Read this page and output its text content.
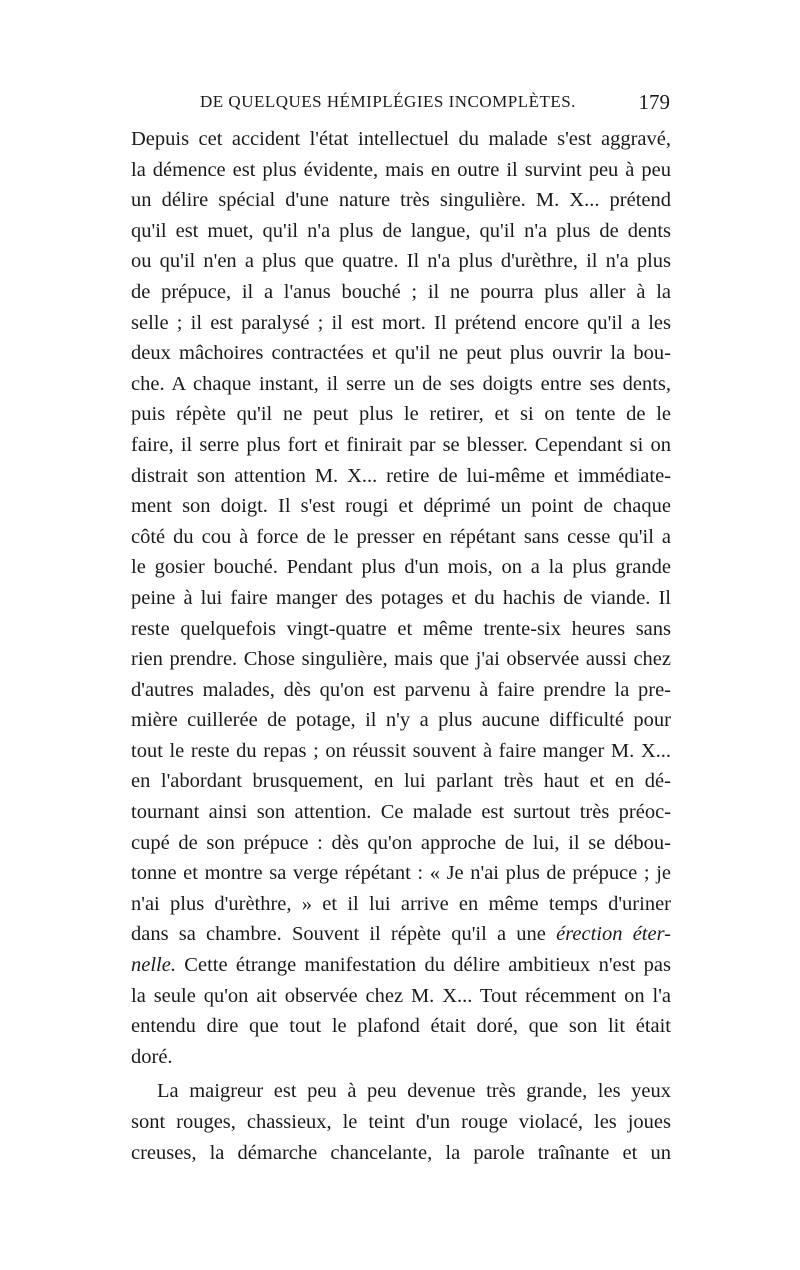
DE QUELQUES HÉMIPLÉGIES INCOMPLÈTES.	179
Depuis cet accident l'état intellectuel du malade s'est aggravé,
la démence est plus évidente, mais en outre il survint peu à peu
un délire spécial d'une nature très singulière. M. X... prétend
qu'il est muet, qu'il n'a plus de langue, qu'il n'a plus de dents
ou qu'il n'en a plus que quatre. Il n'a plus d'urèthre, il n'a plus
de prépuce, il a l'anus bouché ; il ne pourra plus aller à la
selle ; il est paralysé ; il est mort. Il prétend encore qu'il a les
deux mâchoires contractées et qu'il ne peut plus ouvrir la bou-
che. A chaque instant, il serre un de ses doigts entre ses dents,
puis répète qu'il ne peut plus le retirer, et si on tente de le
faire, il serre plus fort et finirait par se blesser. Cependant si on
distrait son attention M. X... retire de lui-même et immédiate-
ment son doigt. Il s'est rougi et déprimé un point de chaque
côté du cou à force de le presser en répétant sans cesse qu'il a
le gosier bouché. Pendant plus d'un mois, on a la plus grande
peine à lui faire manger des potages et du hachis de viande. Il
reste quelquefois vingt-quatre et même trente-six heures sans
rien prendre. Chose singulière, mais que j'ai observée aussi chez
d'autres malades, dès qu'on est parvenu à faire prendre la pre-
mière cuillerée de potage, il n'y a plus aucune difficulté pour
tout le reste du repas ; on réussit souvent à faire manger M. X...
en l'abordant brusquement, en lui parlant très haut et en dé-
tournant ainsi son attention. Ce malade est surtout très préoc-
cupé de son prépuce : dès qu'on approche de lui, il se débou-
tonne et montre sa verge répétant : « Je n'ai plus de prépuce ; je
n'ai plus d'urèthre, » et il lui arrive en même temps d'uriner
dans sa chambre. Souvent il répète qu'il a une érection éter-
nelle. Cette étrange manifestation du délire ambitieux n'est pas
la seule qu'on ait observée chez M. X... Tout récemment on l'a
entendu dire que tout le plafond était doré, que son lit était
doré.
La maigreur est peu à peu devenue très grande, les yeux
sont rouges, chassieux, le teint d'un rouge violacé, les joues
creuses, la démarche chancelante, la parole traînante et un
